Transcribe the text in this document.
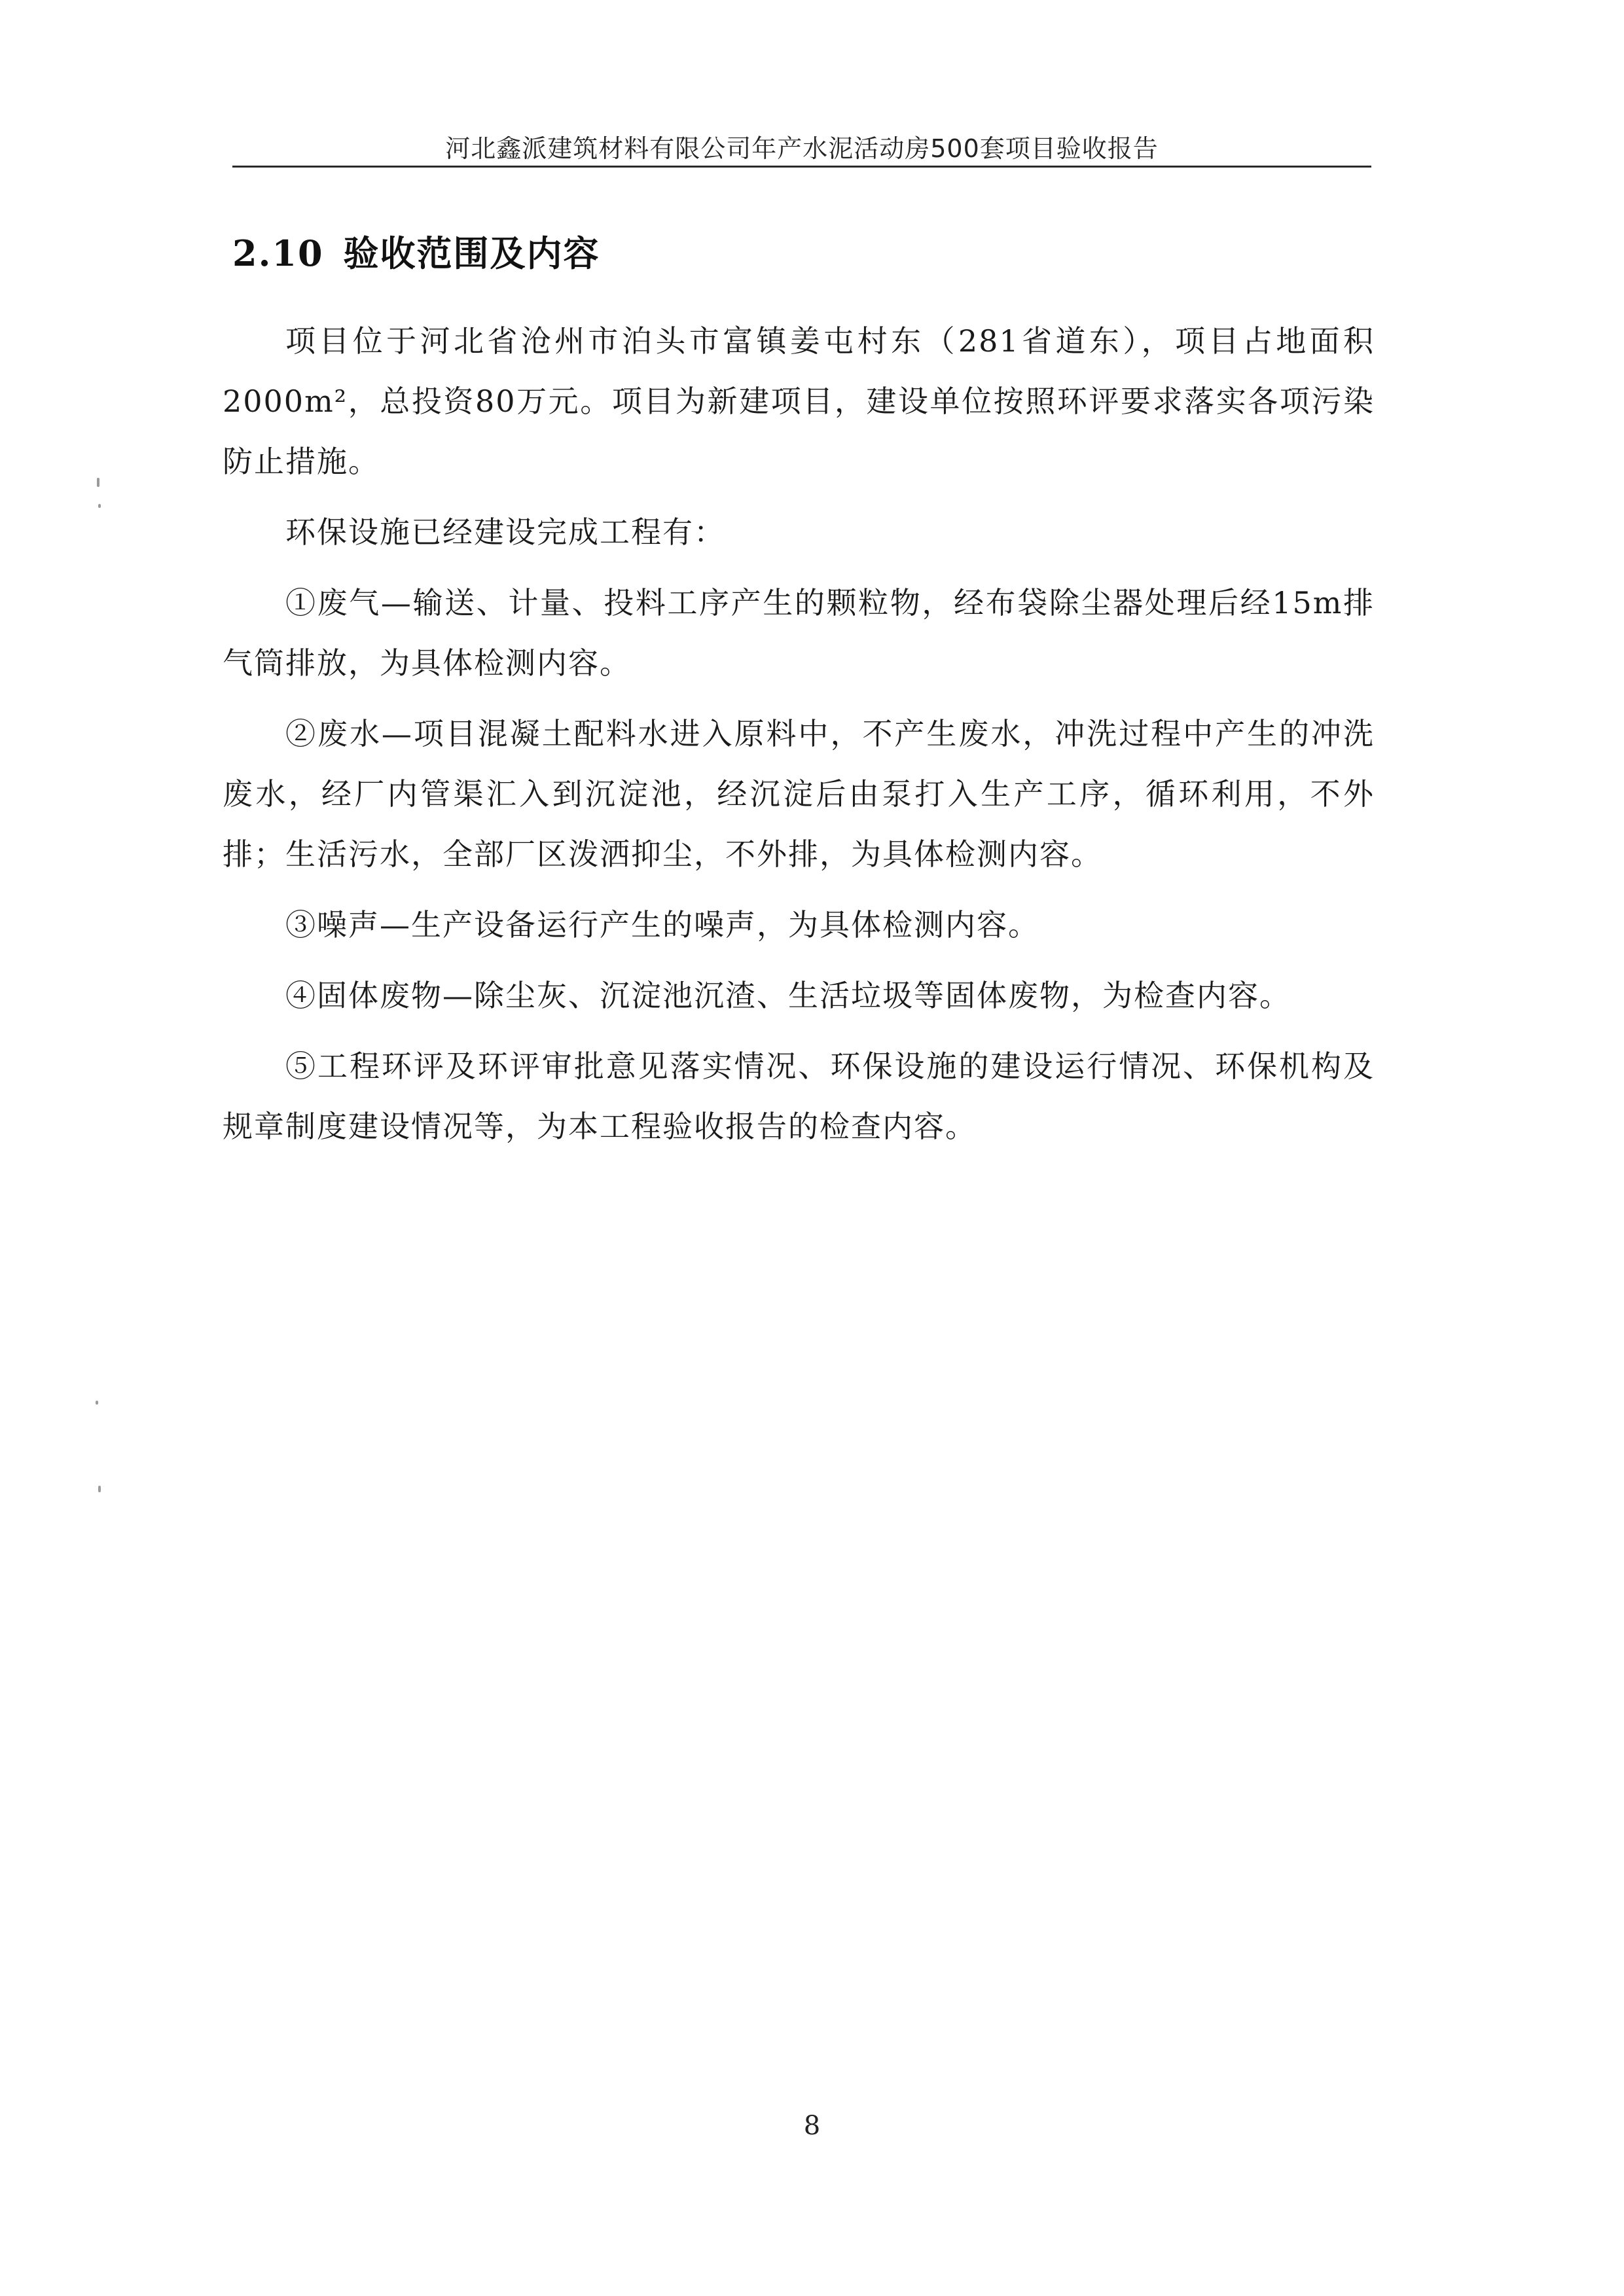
河北鑫派建筑材料有限公司年产水泥活动房500套项目验收报告
2.10 验收范围及内容

项目位于河北省沧州市泊头市富镇姜屯村东（281省道东），项目占地面积2000m²，总投资80万元。项目为新建项目，建设单位按照环评要求落实各项污染防止措施。

环保设施已经建设完成工程有：

①废气—输送、计量、投料工序产生的颗粒物，经布袋除尘器处理后经15m排气筒排放，为具体检测内容。

②废水—项目混凝土配料水进入原料中，不产生废水，冲洗过程中产生的冲洗废水，经厂内管渠汇入到沉淀池，经沉淀后由泵打入生产工序，循环利用，不外排；生活污水，全部厂区泼洒抑尘，不外排，为具体检测内容。

③噪声—生产设备运行产生的噪声，为具体检测内容。

④固体废物—除尘灰、沉淀池沉渣、生活垃圾等固体废物，为检查内容。

⑤工程环评及环评审批意见落实情况、环保设施的建设运行情况、环保机构及规章制度建设情况等，为本工程验收报告的检查内容。

8
